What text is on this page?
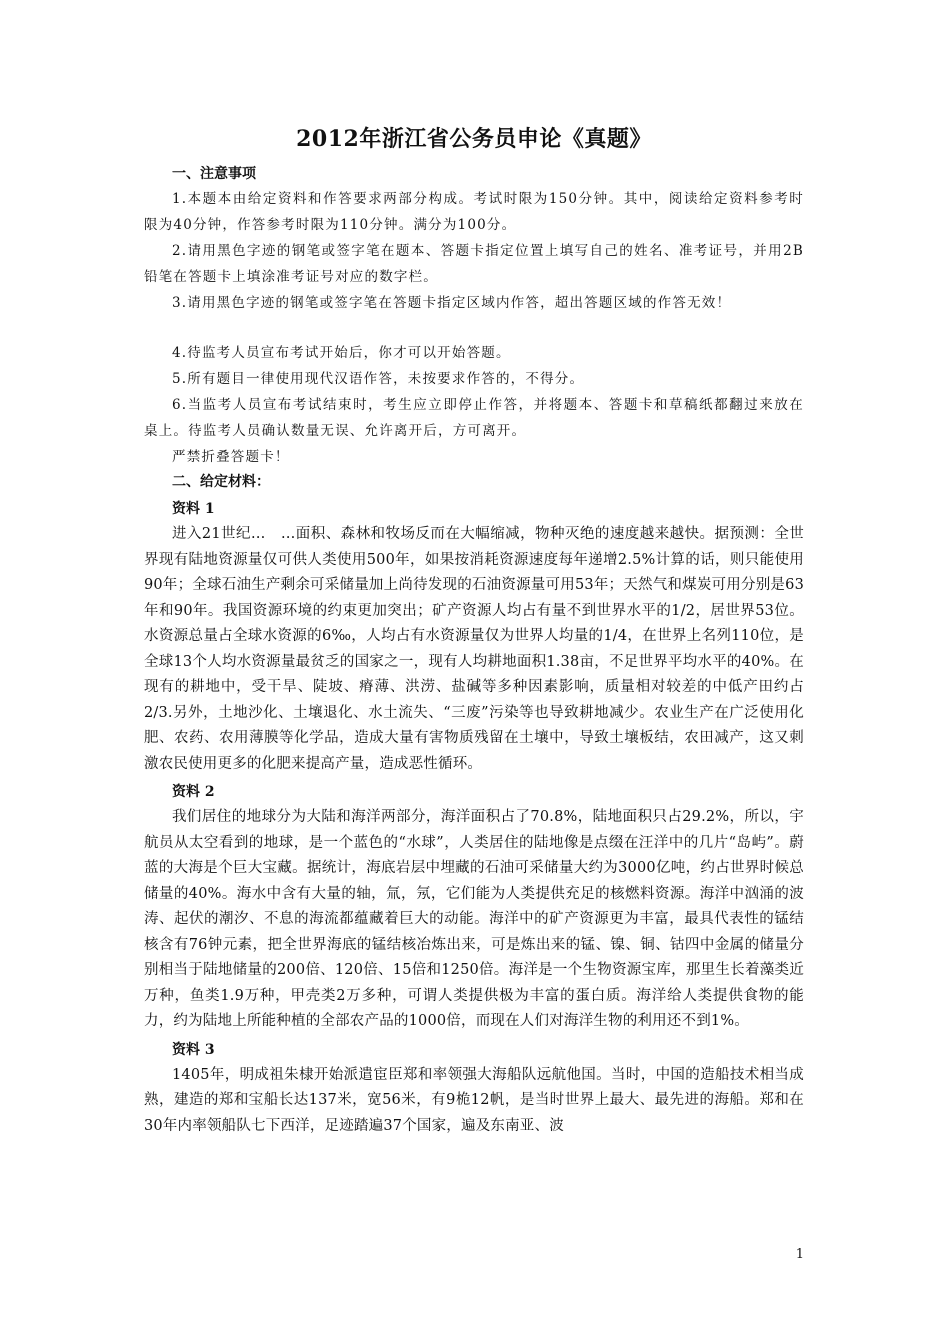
2012年浙江省公务员申论《真题》

一、注意事项

1.本题本由给定资料和作答要求两部分构成。考试时限为150分钟。其中，阅读给定资料参考时限为40分钟，作答参考时限为110分钟。满分为100分。

2.请用黑色字迹的钢笔或签字笔在题本、答题卡指定位置上填写自己的姓名、准考证号，并用2B铅笔在答题卡上填涂准考证号对应的数字栏。

3.请用黑色字迹的钢笔或签字笔在答题卡指定区域内作答，超出答题区域的作答无效！

4.待监考人员宣布考试开始后，你才可以开始答题。

5.所有题目一律使用现代汉语作答，未按要求作答的，不得分。

6.当监考人员宣布考试结束时，考生应立即停止作答，并将题本、答题卡和草稿纸都翻过来放在桌上。待监考人员确认数量无误、允许离开后，方可离开。

严禁折叠答题卡！

二、给定材料：

资料 1

进入21世纪…　…面积、森林和牧场反而在大幅缩减，物种灭绝的速度越来越快。据预测：全世界现有陆地资源量仅可供人类使用500年，如果按消耗资源速度每年递增2.5%计算的话，则只能使用90年；全球石油生产剩余可采储量加上尚待发现的石油资源量可用53年；天然气和煤炭可用分别是63年和90年。我国资源环境的约束更加突出；矿产资源人均占有量不到世界水平的1/2，居世界53位。水资源总量占全球水资源的6‰，人均占有水资源量仅为世界人均量的1/4，在世界上名列110位，是全球13个人均水资源量最贫乏的国家之一，现有人均耕地面积1.38亩，不足世界平均水平的40%。在现有的耕地中，受干旱、陡坡、瘠薄、洪涝、盐碱等多种因素影响，质量相对较差的中低产田约占2/3.另外，土地沙化、土壤退化、水土流失、“三废”污染等也导致耕地减少。农业生产在广泛使用化肥、农药、农用薄膜等化学品，造成大量有害物质残留在土壤中，导致土壤板结，农田减产，这又刺激农民使用更多的化肥来提高产量，造成恶性循环。

资料 2

我们居住的地球分为大陆和海洋两部分，海洋面积占了70.8%，陆地面积只占29.2%，所以，宇航员从太空看到的地球，是一个蓝色的“水球”，人类居住的陆地像是点缀在汪洋中的几片“岛屿”。蔚蓝的大海是个巨大宝藏。据统计，海底岩层中埋藏的石油可采储量大约为3000亿吨，约占世界时候总储量的40%。海水中含有大量的轴，氚，氖，它们能为人类提供充足的核燃料资源。海洋中汹涌的波涛、起伏的潮汐、不息的海流都蕴藏着巨大的动能。海洋中的矿产资源更为丰富，最具代表性的锰结核含有76钟元素，把全世界海底的锰结核冶炼出来，可是炼出来的锰、镍、铜、钴四中金属的储量分别相当于陆地储量的200倍、120倍、15倍和1250倍。海洋是一个生物资源宝库，那里生长着藻类近万种，鱼类1.9万种，甲壳类2万多种，可谓人类提供极为丰富的蛋白质。海洋给人类提供食物的能力，约为陆地上所能种植的全部农产品的1000倍，而现在人们对海洋生物的利用还不到1%。

资料 3

1405年，明成祖朱棣开始派遣宦臣郑和率领强大海船队远航他国。当时，中国的造船技术相当成熟，建造的郑和宝船长达137米，宽56米，有9桅12帆，是当时世界上最大、最先进的海船。郑和在30年内率领船队七下西洋，足迹踏遍37个国家，遍及东南亚、波

1
